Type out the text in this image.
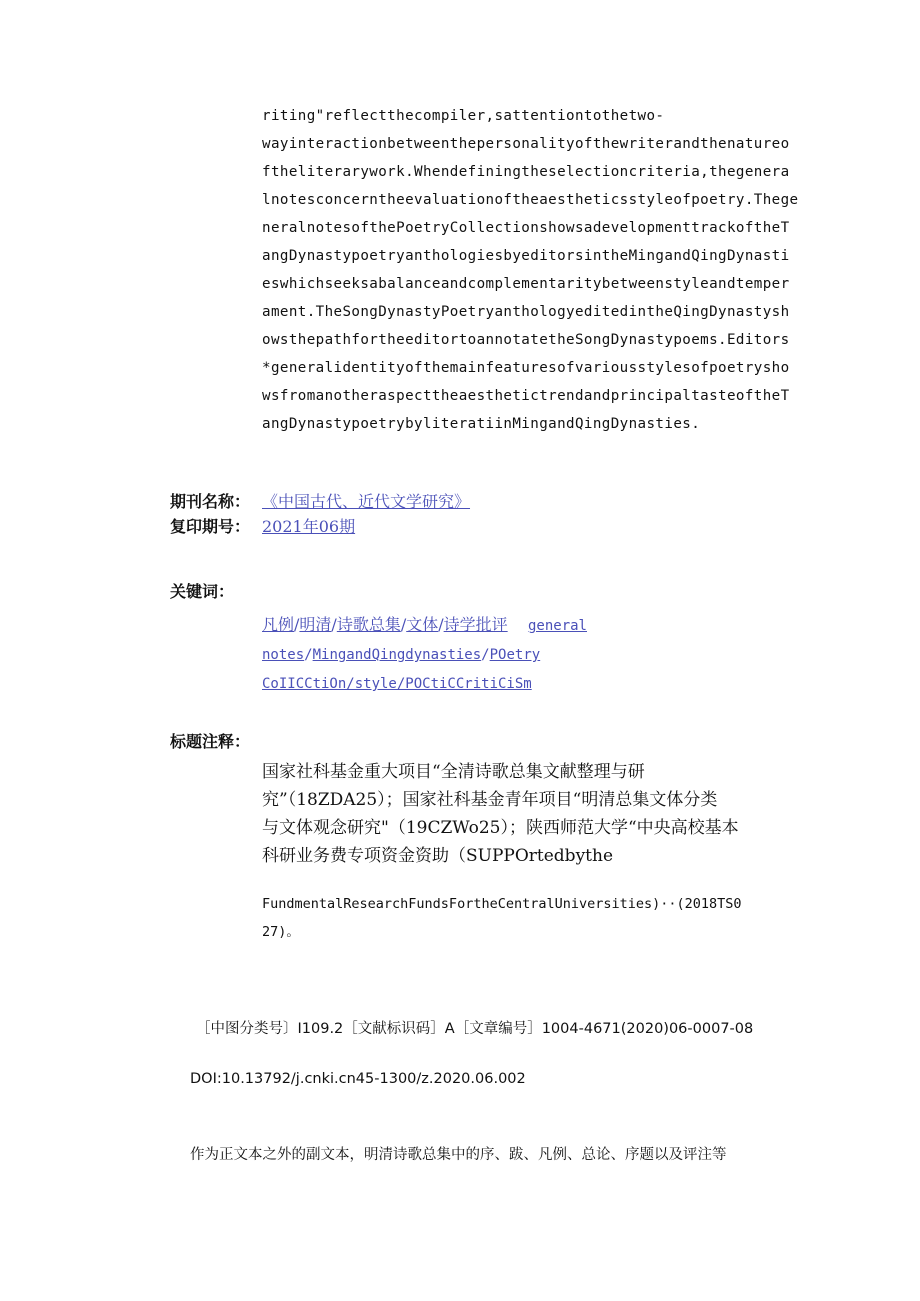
riting"reflectthecompiler,sattentiontothetwo-
wayinteractionbetweenthepersonalityofthewriterandthenatureo
ftheliterarywork.Whendefiningtheselectioncriteria,thegenera
lnotesconcerntheevaluationoftheaestheticsstyleofpoetry.Thege
neralnotesofthePoetryCollectionshowsadevelopmenttrackoftheT
angDynastypoetryanthologiesbyeditorsintheMingandQingDynasti
eswhichseeksabalanceandcomplementaritybetweenstyleandtemper
ament.TheSongDynastyPoetryanthologyeditedintheQingDynastysh
owsthepathfortheeditortoannotatetheSongDynastypoems.Editors
*generalidentityofthemainfeaturesofvariousstylesofpoetrysho
wsfromanotheraspecttheaesthetictrendandprincipaltasteoftheT
angDynastypoetrybyliteratiinMingandQingDynasties.
期刊名称： 《中国古代、近代文学研究》
复印期号： 2021年06期
关键词：
凡例/明清/诗歌总集/文体/诗学批评 general
notes/MingandQingdynasties/POetry
CoIICCtiOn/style/POCtiCCritiCiSm
标题注释：
国家社科基金重大项目“全清诗歌总集文献整理与研
究”（18ZDA25）；国家社科基金青年项目“明清总集文体分类
与文体观念研究"（19CZWo25）；陕西师范大学“中央高校基本
科研业务费专项资金资助（SUPPOrtedbythe
FundmentalResearchFundsFortheCentralUniversities)··(2018TS0
27)。
［中图分类号〕I109.2［文献标识码］A［文章编号］1004-4671(2020)06-0007-08
DOI:10.13792/j.cnki.cn45-1300/z.2020.06.002
作为正文本之外的副文本，明清诗歌总集中的序、跋、凡例、总论、序题以及评注等
